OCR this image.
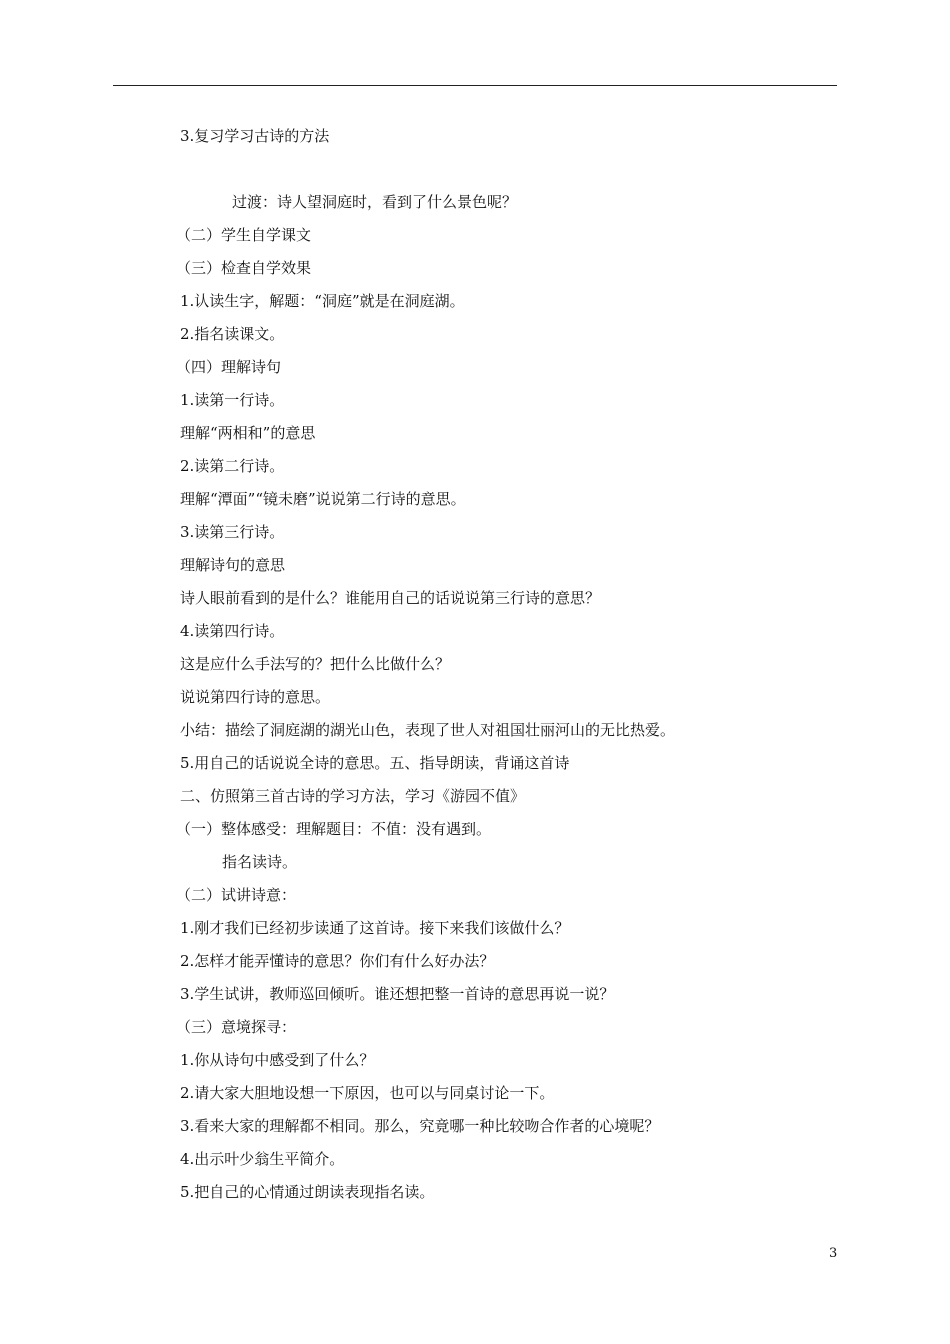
3.复习学习古诗的方法
过渡：诗人望洞庭时，看到了什么景色呢？
（二）学生自学课文
（三）检查自学效果
1.认读生字，解题：“洞庭”就是在洞庭湖。
2.指名读课文。
（四）理解诗句
1.读第一行诗。
理解“两相和”的意思
2.读第二行诗。
理解“潭面”“镜未磨”说说第二行诗的意思。
3.读第三行诗。
理解诗句的意思
诗人眼前看到的是什么？谁能用自己的话说说第三行诗的意思？
4.读第四行诗。
这是应什么手法写的？把什么比做什么？
说说第四行诗的意思。
小结：描绘了洞庭湖的湖光山色，表现了世人对祖国壮丽河山的无比热爱。
5.用自己的话说说全诗的意思。五、指导朗读，背诵这首诗
二、仿照第三首古诗的学习方法，学习《游园不值》
（一）整体感受：理解题目：不值：没有遇到。
指名读诗。
（二）试讲诗意：
1.刚才我们已经初步读通了这首诗。接下来我们该做什么？
2.怎样才能弄懂诗的意思？你们有什么好办法？
3.学生试讲，教师巡回倾听。谁还想把整一首诗的意思再说一说？
（三）意境探寻：
1.你从诗句中感受到了什么？
2.请大家大胆地设想一下原因，也可以与同桌讨论一下。
3.看来大家的理解都不相同。那么，究竟哪一种比较吻合作者的心境呢？
4.出示叶少翁生平简介。
5.把自己的心情通过朗读表现指名读。
3
